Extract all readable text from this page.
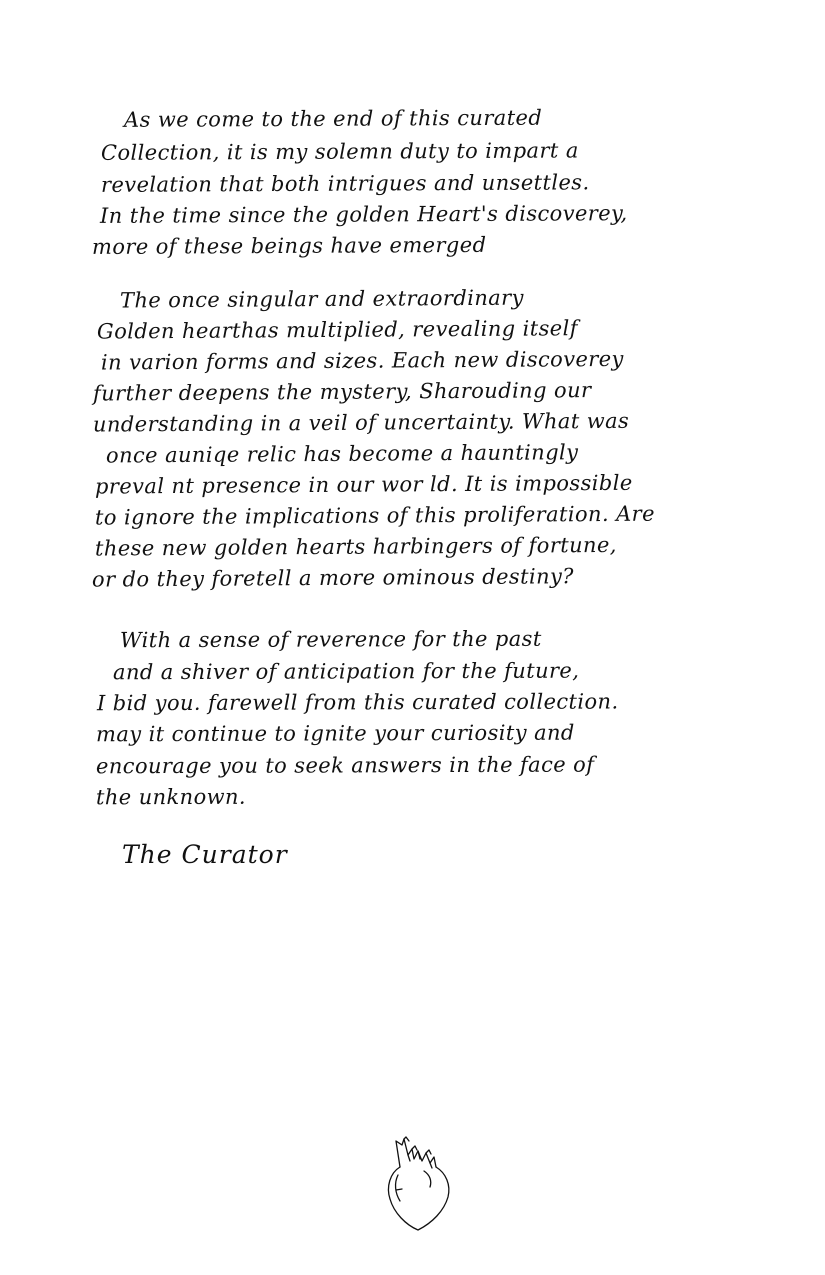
As we come to the end of this curated
Collection, it is my solemn duty to impart a
revelation that both intrigues and unsettles.
In the time since the golden Heart's discoverey,
more of these beings have emerged
The once singular and extraordinary
Golden hearthas multiplied, revealing itself
in varion forms and sizes. Each new discoverey
further deepens the mystery, Sharouding our
understanding in a veil of uncertainty. What was
once auniqe relic has become a hauntingly
preval nt presence in our wor ld. It is impossible
to ignore the implications of this proliferation. Are
these new golden hearts harbingers of fortune,
or do they foretell a more ominous destiny?
With a sense of reverence for the past
and a shiver of anticipation for the future,
I bid you. farewell from this curated collection.
may it continue to ignite your curiosity and
encourage you to seek answers in the face of
the unknown.
The Curator
